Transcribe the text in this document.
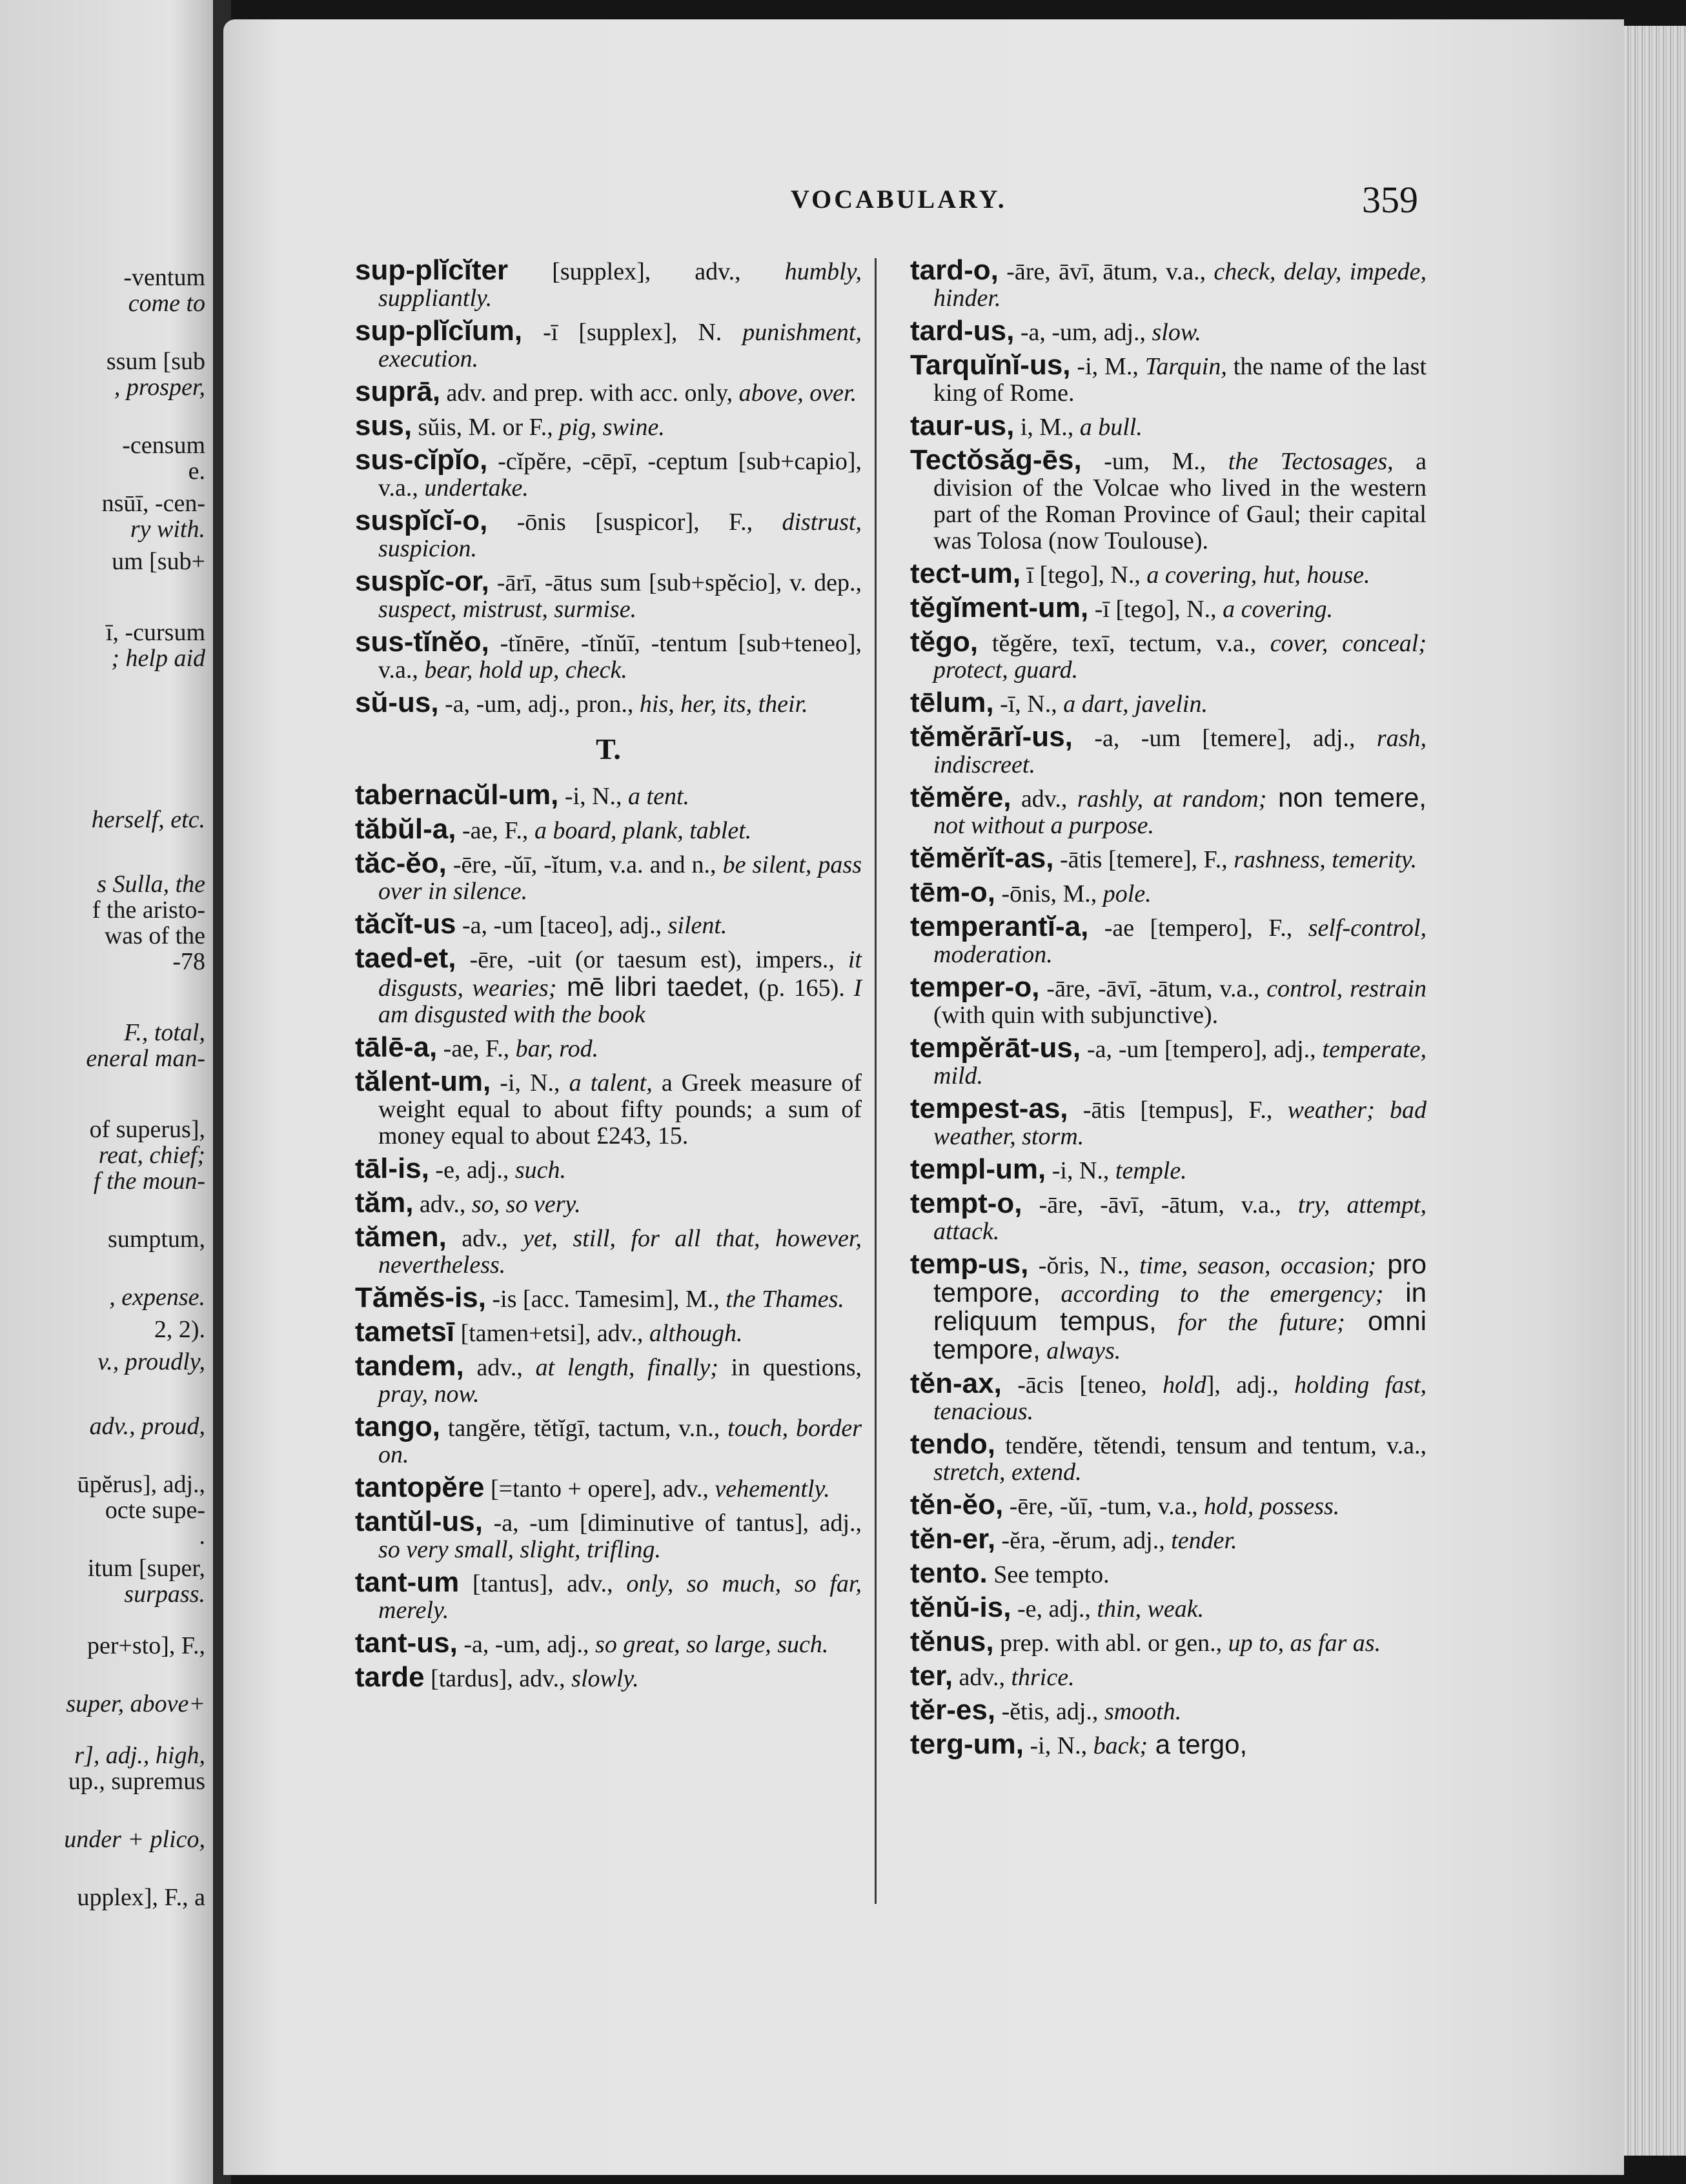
-ventum
come to
ssum [sub
, prosper,
-censum
e.
nsūī, -cen-
ry with.
um [sub+
ī, -cursum
; help aid
herself, etc.
s Sulla, the
f the aristo-
was of the
-78
F., total,
eneral man-
of superus],
reat, chief;
f the moun-
sumptum,
, expense.
2, 2).
v., proudly,
adv., proud,
ūpĕrus], adj.,
octe supe-
.
itum [super,
surpass.
per+sto], F.,
super, above+
r], adj., high,
up., supremus
under + plico,
upplex], F., a
VOCABULARY.	359
sup-plĭcĭter [supplex], adv., humbly, suppliantly.
sup-plĭcĭum, -ī [supplex], N. punishment, execution.
suprā, adv. and prep. with acc. only, above, over.
sus, sŭis, M. or F., pig, swine.
sus-cĭpĭo, -cĭpĕre, -cēpī, -ceptum [sub+capio], v.a., undertake.
suspĭcĭ-o, -ōnis [suspicor], F., distrust, suspicion.
suspĭc-or, -ārī, -ātus sum [sub+spĕcio], v. dep., suspect, mistrust, surmise.
sus-tĭnĕo, -tĭnēre, -tĭnŭī, -tentum [sub+teneo], v.a., bear, hold up, check.
sŭ-us, -a, -um, adj., pron., his, her, its, their.
T.
tabernacŭl-um, -i, N., a tent.
tăbŭl-a, -ae, F., a board, plank, tablet.
tăc-ĕo, -ēre, -ŭī, -ĭtum, v.a. and n., be silent, pass over in silence.
tăcĭt-us -a, -um [taceo], adj., silent.
taed-et, -ēre, -uit (or taesum est), impers., it disgusts, wearies; mē libri taedet, (p. 165). I am disgusted with the book
tālē-a, -ae, F., bar, rod.
tălent-um, -i, N., a talent, a Greek measure of weight equal to about fifty pounds; a sum of money equal to about £243, 15.
tāl-is, -e, adj., such.
tăm, adv., so, so very.
tămen, adv., yet, still, for all that, however, nevertheless.
Tămĕs-is, -is [acc. Tamesim], M., the Thames.
tametsī [tamen+etsi], adv., although.
tandem, adv., at length, finally; in questions, pray, now.
tango, tangĕre, tĕtĭgī, tactum, v.n., touch, border on.
tantopĕre [=tanto + opere], adv., vehemently.
tantŭl-us, -a, -um [diminutive of tantus], adj., so very small, slight, trifling.
tant-um [tantus], adv., only, so much, so far, merely.
tant-us, -a, -um, adj., so great, so large, such.
tarde [tardus], adv., slowly.
tard-o, -āre, āvī, ātum, v.a., check, delay, impede, hinder.
tard-us, -a, -um, adj., slow.
Tarquĭnĭ-us, -i, M., Tarquin, the name of the last king of Rome.
taur-us, i, M., a bull.
Tectŏsăg-ēs, -um, M., the Tectosages, a division of the Volcae who lived in the western part of the Roman Province of Gaul; their capital was Tolosa (now Toulouse).
tect-um, ī [tego], N., a covering, hut, house.
tĕgĭment-um, -ī [tego], N., a covering.
tĕgo, tĕgĕre, texī, tectum, v.a., cover, conceal; protect, guard.
tēlum, -ī, N., a dart, javelin.
tĕmĕrārĭ-us, -a, -um [temere], adj., rash, indiscreet.
tĕmĕre, adv., rashly, at random; non temere, not without a purpose.
tĕmĕrĭt-as, -ātis [temere], F., rashness, temerity.
tēm-o, -ōnis, M., pole.
temperantĭ-a, -ae [tempero], F., self-control, moderation.
temper-o, -āre, -āvī, -ātum, v.a., control, restrain (with quin with subjunctive).
tempĕrāt-us, -a, -um [tempero], adj., temperate, mild.
tempest-as, -ātis [tempus], F., weather; bad weather, storm.
templ-um, -i, N., temple.
tempt-o, -āre, -āvī, -ātum, v.a., try, attempt, attack.
temp-us, -ŏris, N., time, season, occasion; pro tempore, according to the emergency; in reliquum tempus, for the future; omni tempore, always.
tĕn-ax, -ācis [teneo, hold], adj., holding fast, tenacious.
tendo, tendĕre, tĕtendi, tensum and tentum, v.a., stretch, extend.
tĕn-ĕo, -ēre, -ŭī, -tum, v.a., hold, possess.
tĕn-er, -ĕra, -ĕrum, adj., tender.
tento. See tempto.
tĕnŭ-is, -e, adj., thin, weak.
tĕnus, prep. with abl. or gen., up to, as far as.
ter, adv., thrice.
tĕr-es, -ĕtis, adj., smooth.
terg-um, -i, N., back; a tergo,
